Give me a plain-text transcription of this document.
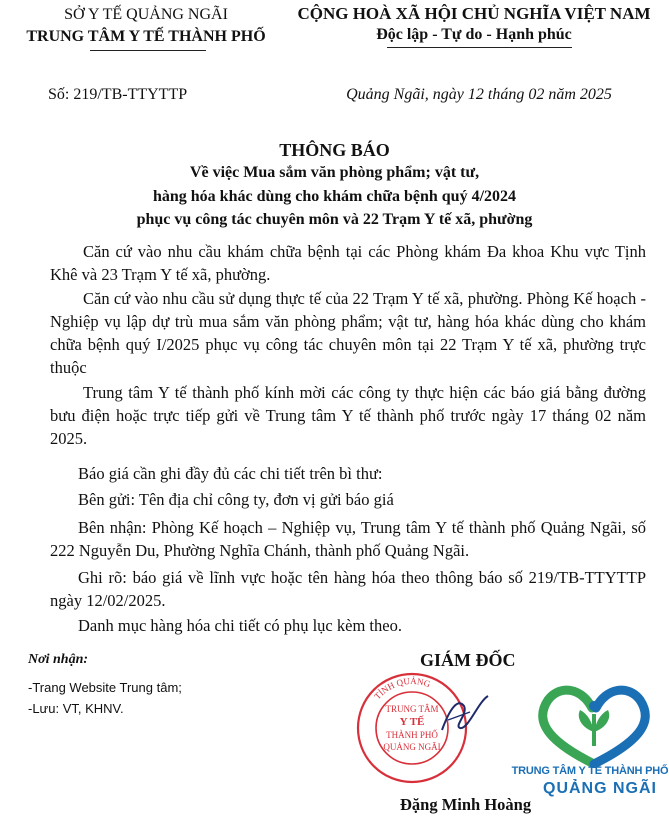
SỞ Y TẾ QUẢNG NGÃI
TRUNG TÂM Y TẾ THÀNH PHỐ
CỘNG HOÀ XÃ HỘI CHỦ NGHĨA VIỆT NAM
Độc lập - Tự do - Hạnh phúc
Số: 219/TB-TTYTTP	Quảng Ngãi, ngày 12 tháng 02 năm 2025
THÔNG BÁO
Về việc Mua sắm văn phòng phẩm; vật tư,
hàng hóa khác dùng cho khám chữa bệnh quý 4/2024
phục vụ công tác chuyên môn và 22 Trạm Y tế xã, phường
Căn cứ vào nhu cầu khám chữa bệnh tại các Phòng khám Đa khoa Khu vực Tịnh Khê và 23 Trạm Y tế xã, phường.
Căn cứ vào nhu cầu sử dụng thực tế của 22 Trạm Y tế xã, phường. Phòng Kế hoạch - Nghiệp vụ lập dự trù mua sắm văn phòng phẩm; vật tư, hàng hóa khác dùng cho khám chữa bệnh quý I/2025 phục vụ công tác chuyên môn tại 22 Trạm Y tế xã, phường trực thuộc
Trung tâm Y tế thành phố kính mời các công ty thực hiện các báo giá bằng đường bưu điện hoặc trực tiếp gửi về Trung tâm Y tế thành phố trước ngày 17 tháng 02 năm 2025.
Báo giá cần ghi đầy đủ các chi tiết trên bì thư:
Bên gửi: Tên địa chỉ công ty, đơn vị gửi báo giá
Bên nhận: Phòng Kế hoạch – Nghiệp vụ, Trung tâm Y tế thành phố Quảng Ngãi, số 222 Nguyễn Du, Phường Nghĩa Chánh, thành phố Quảng Ngãi.
Ghi rõ: báo giá về lĩnh vực hoặc tên hàng hóa theo thông báo số 219/TB-TTYTTP ngày 12/02/2025.
Danh mục hàng hóa chi tiết có phụ lục kèm theo.
Nơi nhận:
-Trang Website Trung tâm;
-Lưu: VT, KHNV.
GIÁM ĐỐC
TỈNH QUẢNG
TRUNG TÂM
Y TẾ
THÀNH PHỐ
QUẢNG NGÃI
TRUNG TÂM Y TẾ THÀNH PHỐ
QUẢNG NGÃI
Đặng Minh Hoàng
